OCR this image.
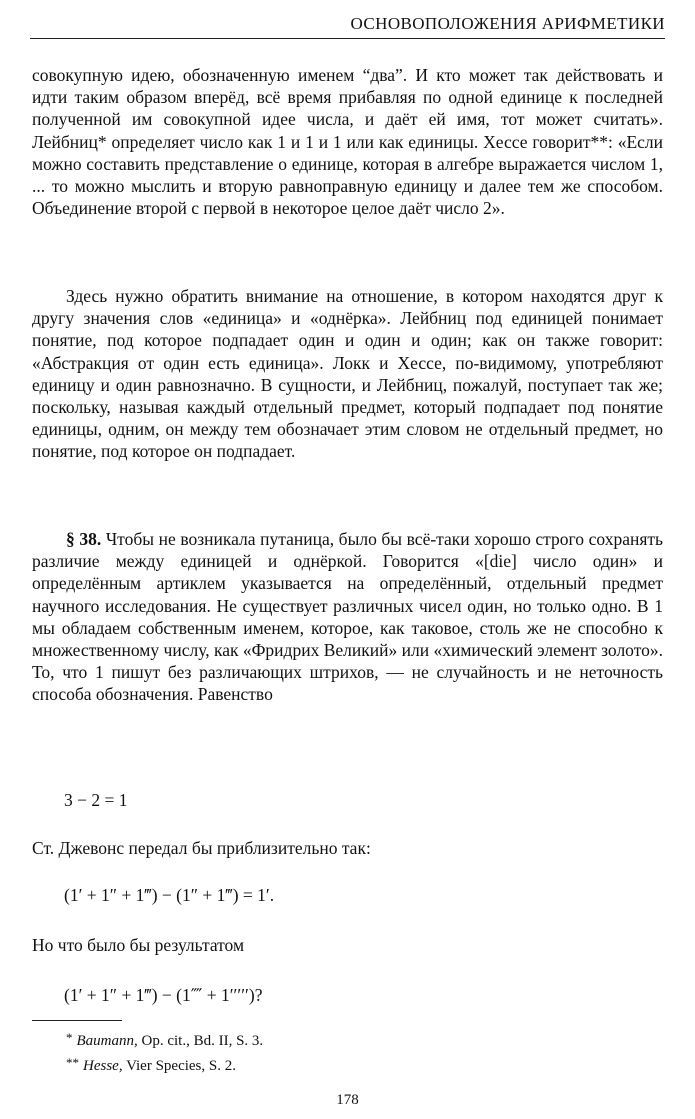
ОСНОВОПОЛОЖЕНИЯ АРИФМЕТИКИ
совокупную идею, обозначенную именем “два”. И кто может так действовать и идти таким образом вперёд, всё время прибавляя по одной единице к последней полученной им совокупной идее числа, и даёт ей имя, тот может считать». Лейбниц* определяет число как 1 и 1 и 1 или как единицы. Хессе говорит**: «Если можно составить представление о единице, которая в алгебре выражается числом 1, ... то можно мыслить и вторую равноправную единицу и далее тем же способом. Объединение второй с первой в некоторое целое даёт число 2».
Здесь нужно обратить внимание на отношение, в котором находятся друг к другу значения слов «единица» и «однёрка». Лейбниц под единицей понимает понятие, под которое подпадает один и один и один; как он также говорит: «Абстракция от один есть единица». Локк и Хессе, по-видимому, употребляют единицу и один равнозначно. В сущности, и Лейбниц, пожалуй, поступает так же; поскольку, называя каждый отдельный предмет, который подпадает под понятие единицы, одним, он между тем обозначает этим словом не отдельный предмет, но понятие, под которое он подпадает.
§ 38. Чтобы не возникала путаница, было бы всё-таки хорошо строго сохранять различие между единицей и однёркой. Говорится «[die] число один» и определённым артиклем указывается на определённый, отдельный предмет научного исследования. Не существует различных чисел один, но только одно. В 1 мы обладаем собственным именем, которое, как таковое, столь же не способно к множественному числу, как «Фридрих Великий» или «химический элемент золото». То, что 1 пишут без различающих штрихов, — не случайность и не неточность способа обозначения. Равенство
3 − 2 = 1
Ст. Джевонс передал бы приблизительно так:
(1′ + 1″ + 1‴) − (1″ + 1‴) = 1′.
Но что было бы результатом
(1′ + 1″ + 1‴) − (1⁗ + 1′′′′′)?
* Baumann, Op. cit., Bd. II, S. 3.
** Hesse, Vier Species, S. 2.
178
